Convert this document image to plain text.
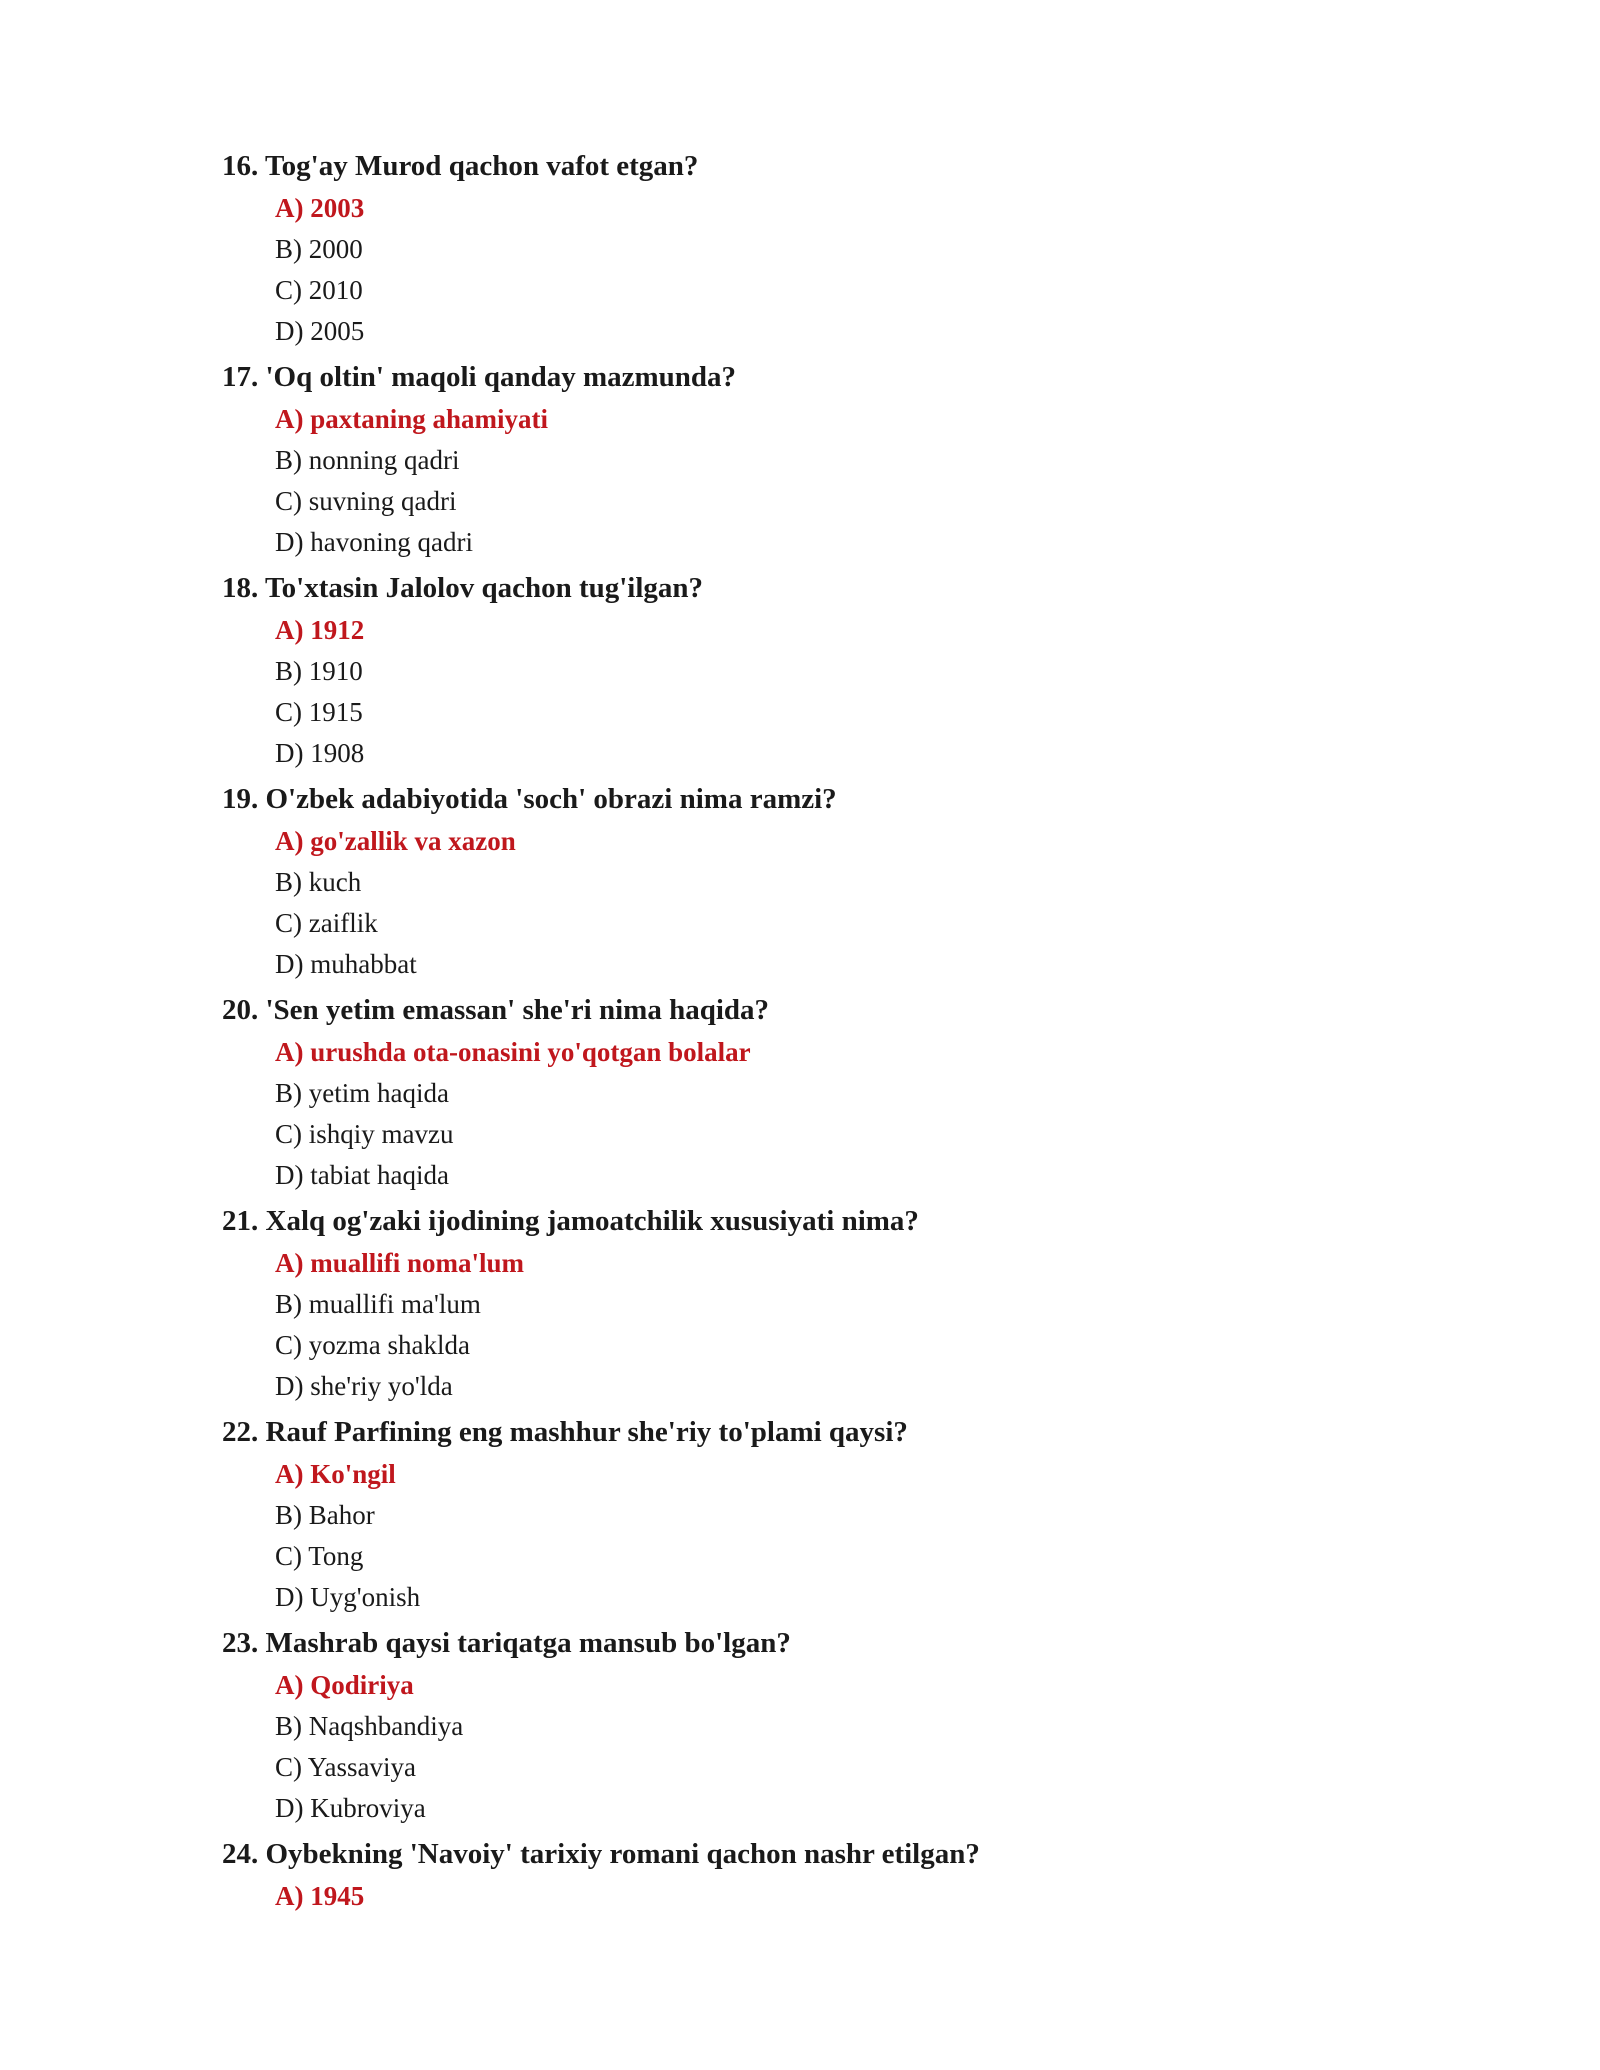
16. Tog'ay Murod qachon vafot etgan?
A) 2003
B) 2000
C) 2010
D) 2005
17. 'Oq oltin' maqoli qanday mazmunda?
A) paxtaning ahamiyati
B) nonning qadri
C) suvning qadri
D) havoning qadri
18. To'xtasin Jalolov qachon tug'ilgan?
A) 1912
B) 1910
C) 1915
D) 1908
19. O'zbek adabiyotida 'soch' obrazi nima ramzi?
A) go'zallik va xazon
B) kuch
C) zaiflik
D) muhabbat
20. 'Sen yetim emassan' she'ri nima haqida?
A) urushda ota-onasini yo'qotgan bolalar
B) yetim haqida
C) ishqiy mavzu
D) tabiat haqida
21. Xalq og'zaki ijodining jamoatchilik xususiyati nima?
A) muallifi noma'lum
B) muallifi ma'lum
C) yozma shaklda
D) she'riy yo'lda
22. Rauf Parfining eng mashhur she'riy to'plami qaysi?
A) Ko'ngil
B) Bahor
C) Tong
D) Uyg'onish
23. Mashrab qaysi tariqatga mansub bo'lgan?
A) Qodiriya
B) Naqshbandiya
C) Yassaviya
D) Kubroviya
24. Oybekning 'Navoiy' tarixiy romani qachon nashr etilgan?
A) 1945
